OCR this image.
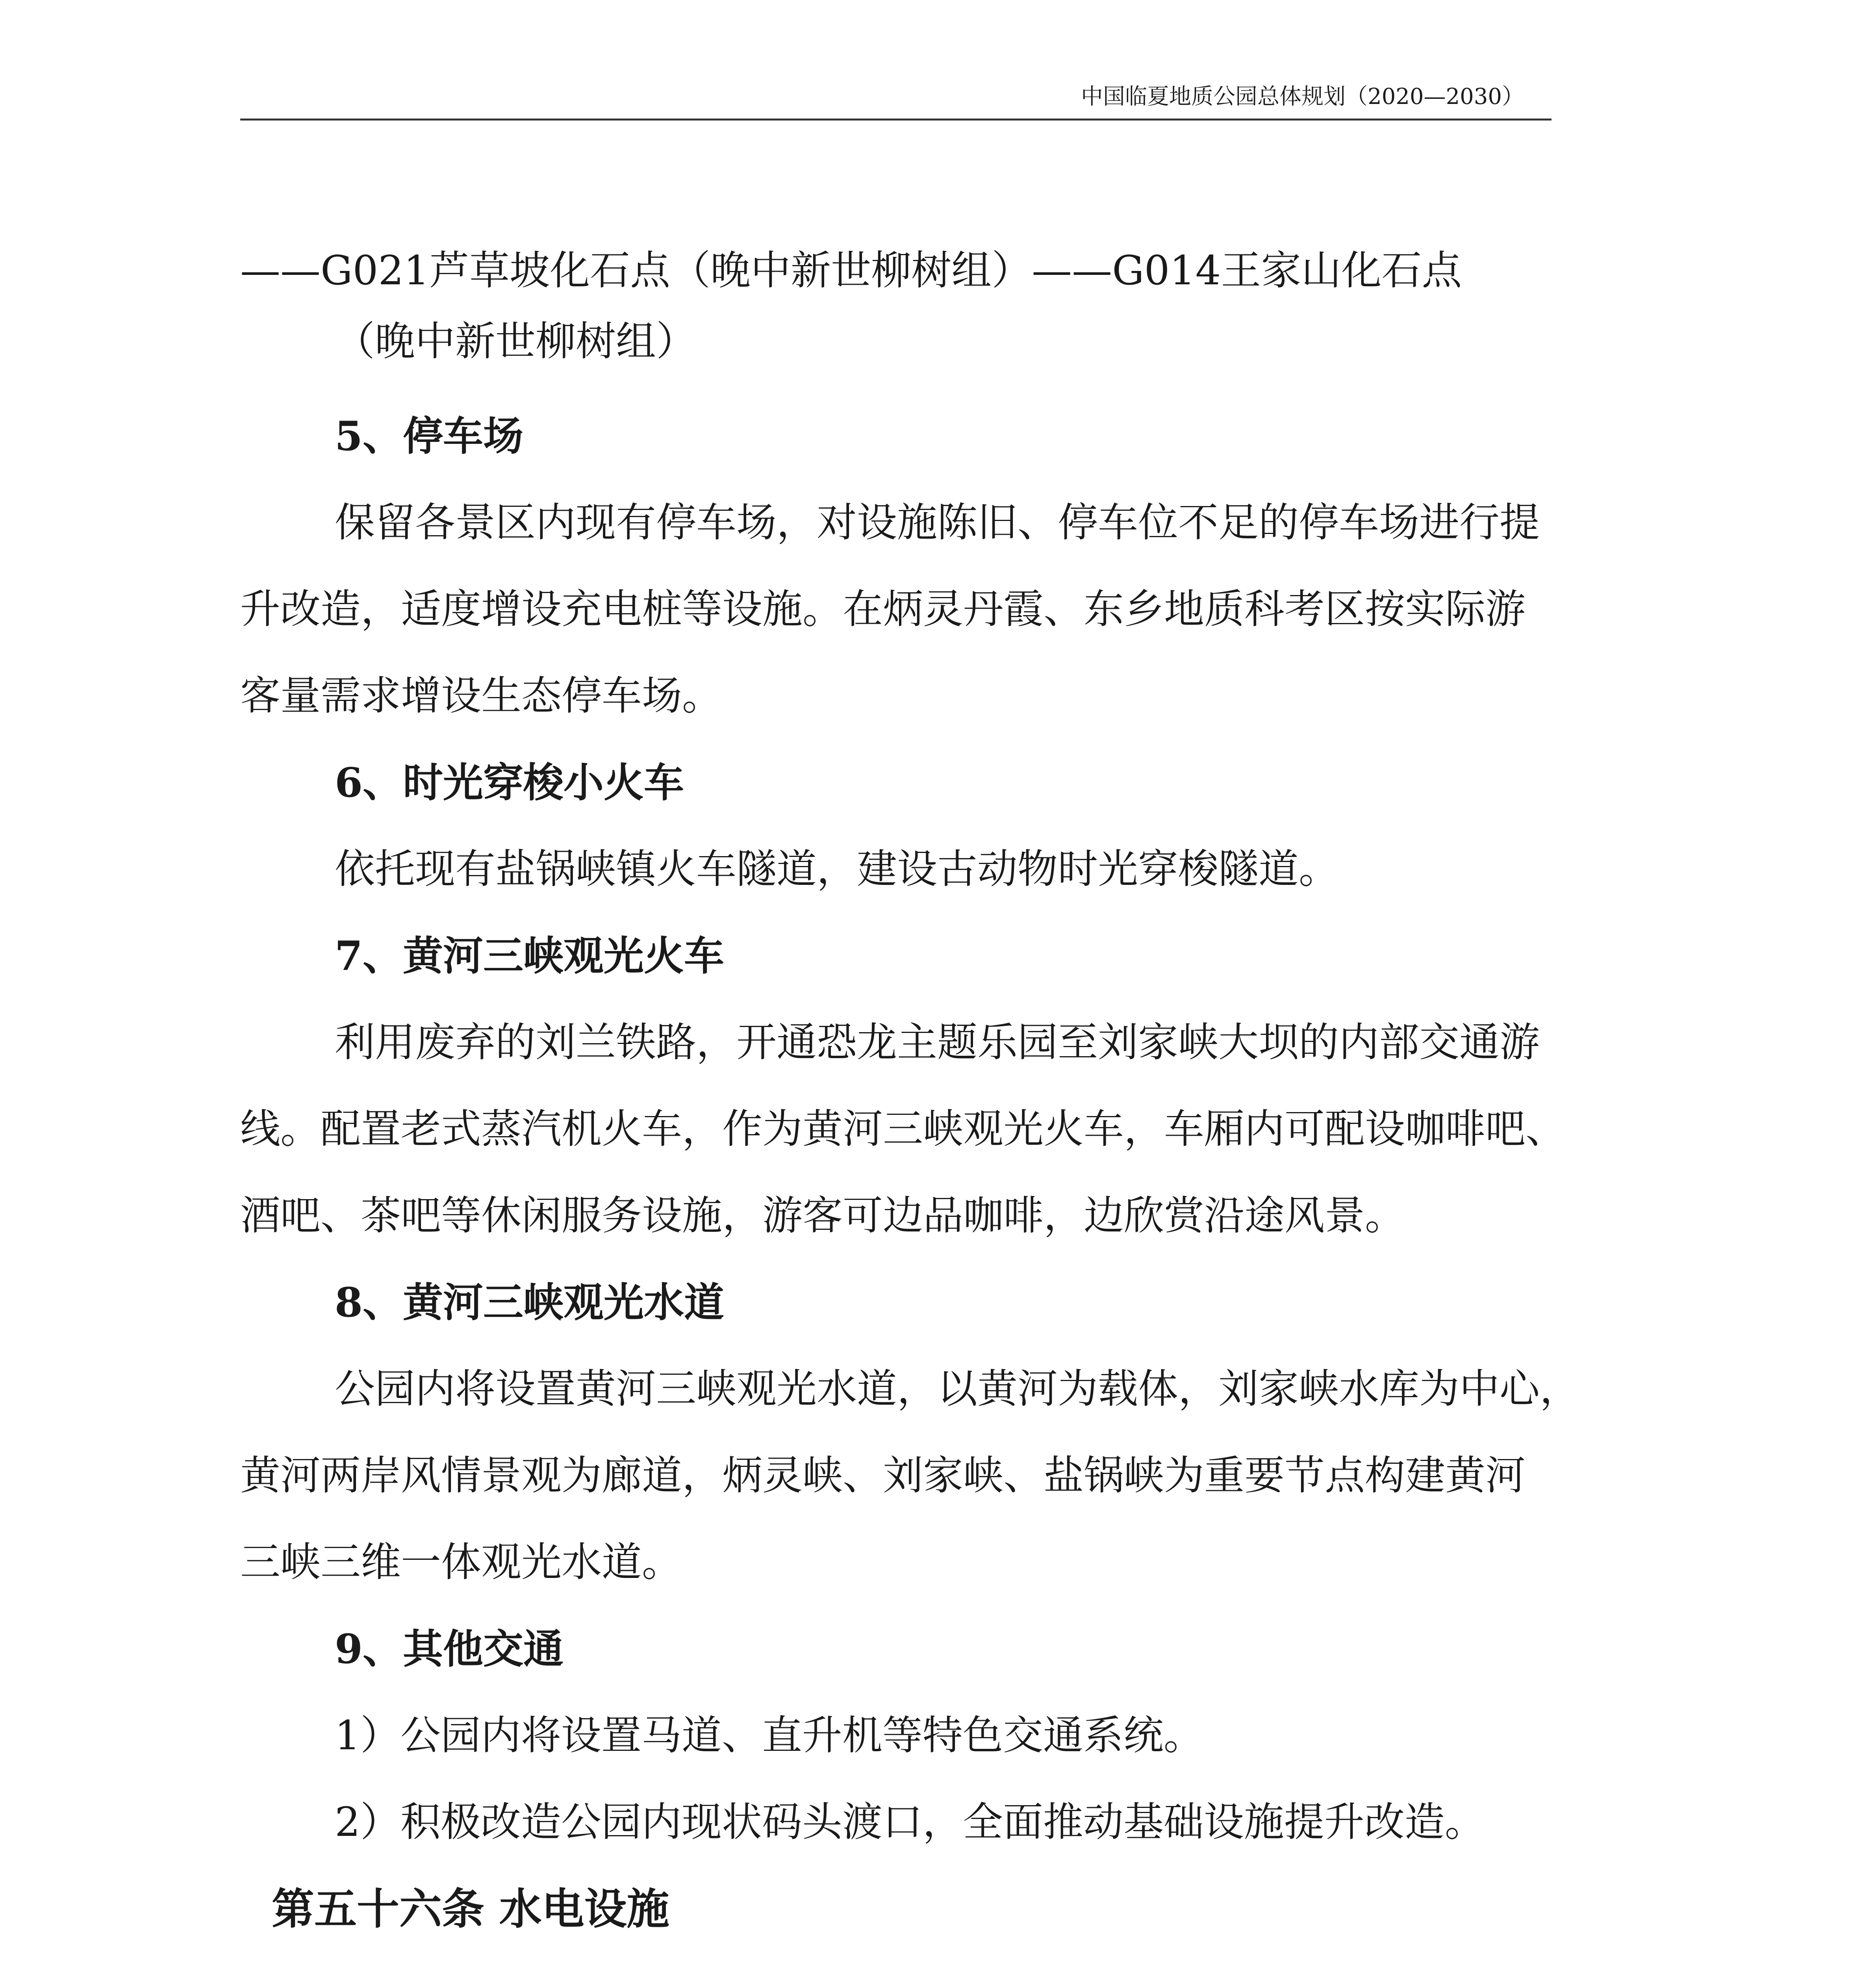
中国临夏地质公园总体规划（2020—2030）

——G021芦草坡化石点（晚中新世柳树组）——G014王家山化石点

（晚中新世柳树组）

5、停车场

保留各景区内现有停车场，对设施陈旧、停车位不足的停车场进行提

升改造，适度增设充电桩等设施。在炳灵丹霞、东乡地质科考区按实际游

客量需求增设生态停车场。

6、时光穿梭小火车

依托现有盐锅峡镇火车隧道，建设古动物时光穿梭隧道。

7、黄河三峡观光火车

利用废弃的刘兰铁路，开通恐龙主题乐园至刘家峡大坝的内部交通游

线。配置老式蒸汽机火车，作为黄河三峡观光火车，车厢内可配设咖啡吧、

酒吧、茶吧等休闲服务设施，游客可边品咖啡，边欣赏沿途风景。

8、黄河三峡观光水道

公园内将设置黄河三峡观光水道，以黄河为载体，刘家峡水库为中心，

黄河两岸风情景观为廊道，炳灵峡、刘家峡、盐锅峡为重要节点构建黄河

三峡三维一体观光水道。

9、其他交通

1）公园内将设置马道、直升机等特色交通系统。

2）积极改造公园内现状码头渡口，全面推动基础设施提升改造。

第五十六条 水电设施
